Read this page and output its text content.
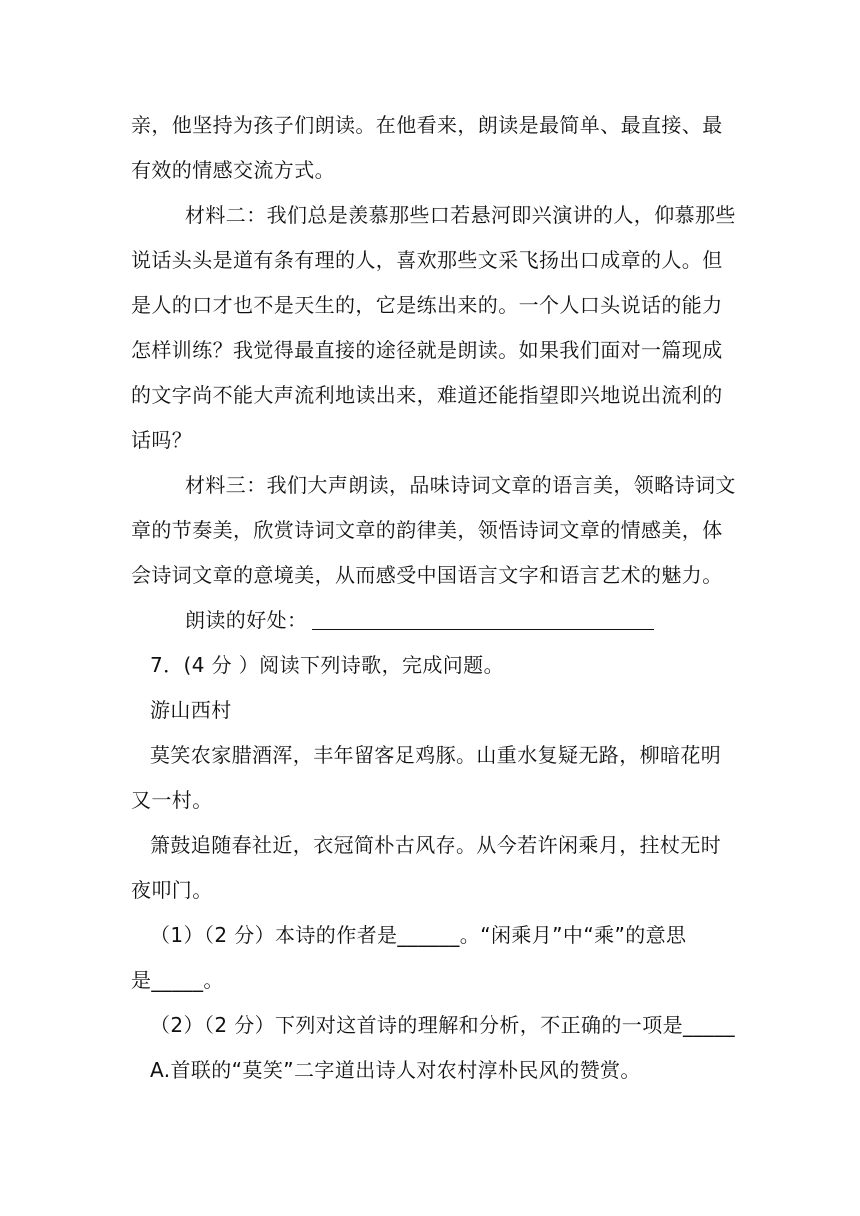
亲，他坚持为孩子们朗读。在他看来，朗读是最简单、最直接、最
有效的情感交流方式。
材料二：我们总是羡慕那些口若悬河即兴演讲的人，仰慕那些
说话头头是道有条有理的人，喜欢那些文采飞扬出口成章的人。但
是人的口才也不是天生的，它是练出来的。一个人口头说话的能力
怎样训练？我觉得最直接的途径就是朗读。如果我们面对一篇现成
的文字尚不能大声流利地读出来，难道还能指望即兴地说出流利的
话吗？
材料三：我们大声朗读，品味诗词文章的语言美，领略诗词文
章的节奏美，欣赏诗词文章的韵律美，领悟诗词文章的情感美，体
会诗词文章的意境美，从而感受中国语言文字和语言艺术的魅力。
朗读的好处：
7．(4 分 ）阅读下列诗歌，完成问题。
游山西村
莫笑农家腊酒浑，丰年留客足鸡豚。山重水复疑无路，柳暗花明
又一村。
箫鼓追随春社近，衣冠简朴古风存。从今若许闲乘月，拄杖无时
夜叩门。
（1）（2 分）本诗的作者是______。“闲乘月”中“乘”的意思
是_____。
（2）（2 分）下列对这首诗的理解和分析，不正确的一项是_____
A.首联的“莫笑”二字道出诗人对农村淳朴民风的赞赏。
